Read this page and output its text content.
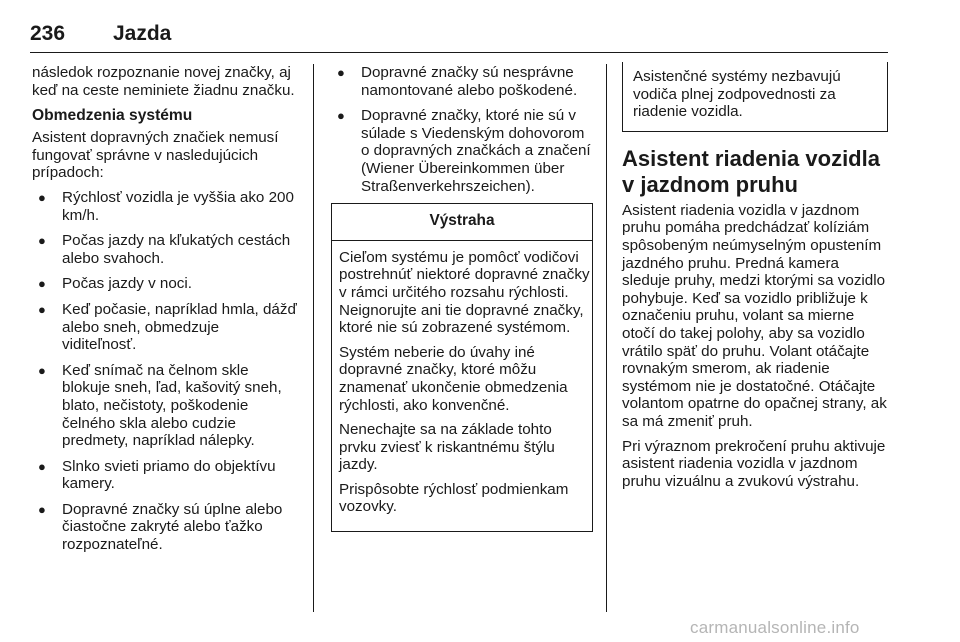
236 Jazda

následok rozpoznanie novej značky, aj keď na ceste neminiete žiadnu značku.

Obmedzenia systému

Asistent dopravných značiek nemusí fungovať správne v nasledujúcich prípadoch:

● Rýchlosť vozidla je vyššia ako 200 km/h.
● Počas jazdy na kľukatých cestách alebo svahoch.
● Počas jazdy v noci.
● Keď počasie, napríklad hmla, dážď alebo sneh, obmedzuje viditeľnosť.
● Keď snímač na čelnom skle blokuje sneh, ľad, kašovitý sneh, blato, nečistoty, poškodenie čelného skla alebo cudzie predmety, napríklad nálepky.
● Slnko svieti priamo do objektívu kamery.
● Dopravné značky sú úplne alebo čiastočne zakryté alebo ťažko rozpoznateľné.
● Dopravné značky sú nesprávne namontované alebo poškodené.
● Dopravné značky, ktoré nie sú v súlade s Viedenským dohovorom o dopravných značkách a značení (Wiener Übereinkommen über Straßenverkehrszeichen).
Výstraha

Cieľom systému je pomôcť vodičovi postrehnúť niektoré dopravné značky v rámci určitého rozsahu rýchlosti. Neignorujte ani tie dopravné značky, ktoré nie sú zobrazené systémom.

Systém neberie do úvahy iné dopravné značky, ktoré môžu znamenať ukončenie obmedzenia rýchlosti, ako konvenčné.

Nenechajte sa na základe tohto prvku zviesť k riskantnému štýlu jazdy.

Prispôsobte rýchlosť podmienkam vozovky.

Asistenčné systémy nezbavujú vodiča plnej zodpovednosti za riadenie vozidla.

Asistent riadenia vozidla v jazdnom pruhu

Asistent riadenia vozidla v jazdnom pruhu pomáha predchádzať kolíziám spôsobeným neúmyselným opustením jazdného pruhu. Predná kamera sleduje pruhy, medzi ktorými sa vozidlo pohybuje. Keď sa vozidlo približuje k označeniu pruhu, volant sa mierne otočí do takej polohy, aby sa vozidlo vrátilo späť do pruhu. Volant otáčajte rovnakým smerom, ak riadenie systémom nie je dostatočné. Otáčajte volantom opatrne do opačnej strany, ak sa má zmeniť pruh.

Pri výraznom prekročení pruhu aktivuje asistent riadenia vozidla v jazdnom pruhu vizuálnu a zvukovú výstrahu.

carmanualsonline.info
